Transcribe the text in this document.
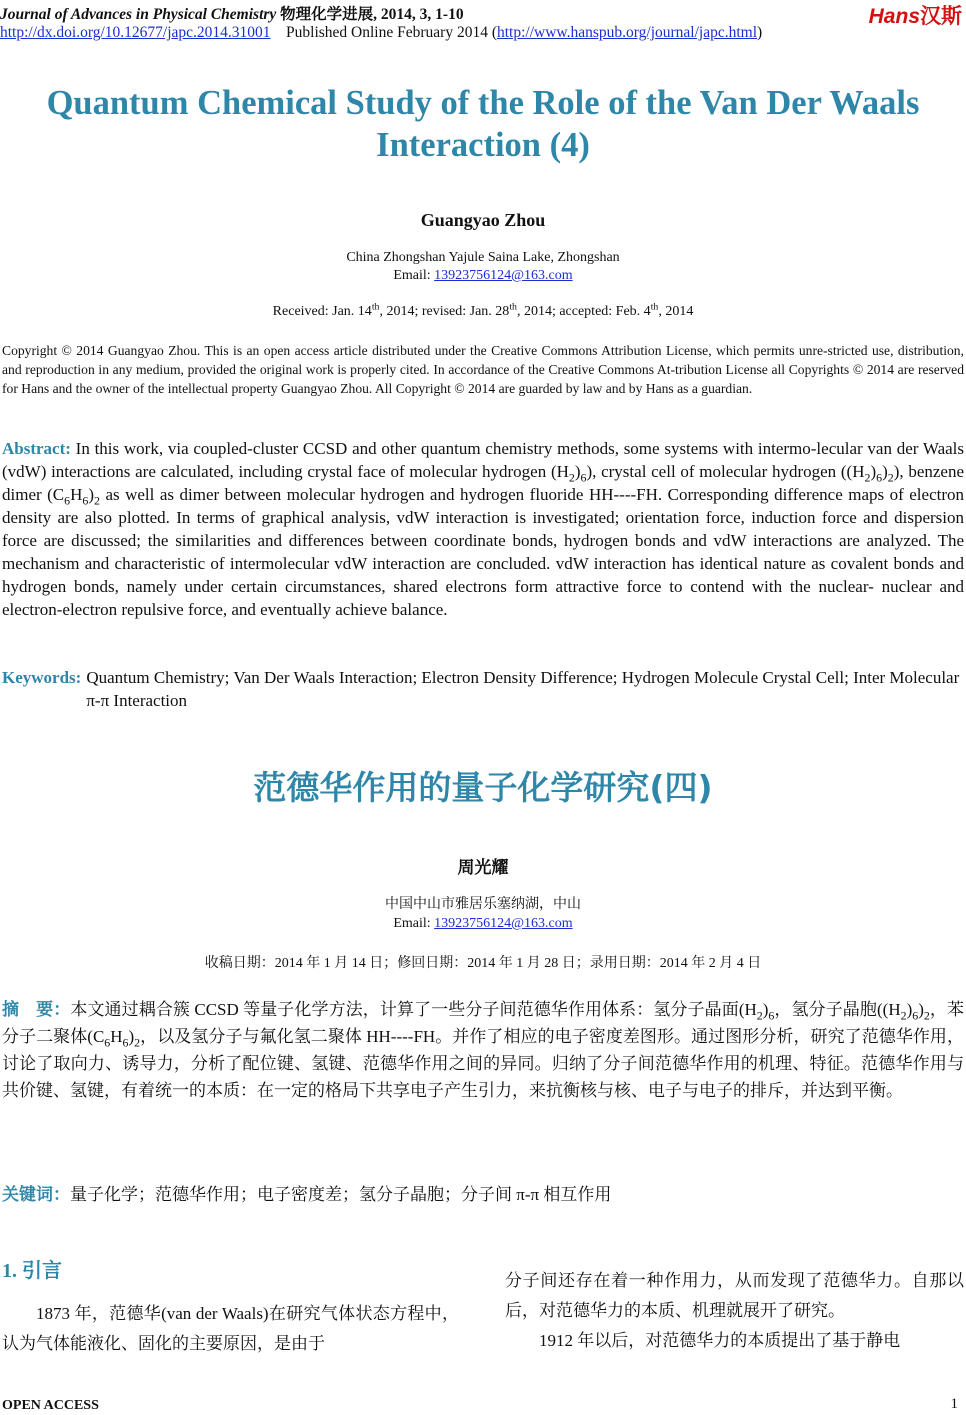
Journal of Advances in Physical Chemistry 物理化学进展, 2014, 3, 1-10
http://dx.doi.org/10.12677/japc.2014.31001 Published Online February 2014 (http://www.hanspub.org/journal/japc.html)
Hans汉斯
Quantum Chemical Study of the Role of the Van Der Waals
Interaction (4)
Guangyao Zhou
China Zhongshan Yajule Saina Lake, Zhongshan
Email: 13923756124@163.com
Received: Jan. 14th, 2014; revised: Jan. 28th, 2014; accepted: Feb. 4th, 2014
Copyright © 2014 Guangyao Zhou. This is an open access article distributed under the Creative Commons Attribution License, which permits unre-stricted use, distribution, and reproduction in any medium, provided the original work is properly cited. In accordance of the Creative Commons At-tribution License all Copyrights © 2014 are reserved for Hans and the owner of the intellectual property Guangyao Zhou. All Copyright © 2014 are guarded by law and by Hans as a guardian.
Abstract: In this work, via coupled-cluster CCSD and other quantum chemistry methods, some systems with intermo-lecular van der Waals (vdW) interactions are calculated, including crystal face of molecular hydrogen $(H_2)_6$), crystal cell of molecular hydrogen $((H_2)_6)_2$), benzene dimer $(C_6H_6)_2$ as well as dimer between molecular hydrogen and hydrogen fluoride HH----FH. Corresponding difference maps of electron density are also plotted. In terms of graphical analysis, vdW interaction is investigated; orientation force, induction force and dispersion force are discussed; the similarities and differences between coordinate bonds, hydrogen bonds and vdW interactions are analyzed. The mechanism and characteristic of intermolecular vdW interaction are concluded. vdW interaction has identical nature as covalent bonds and hydrogen bonds, namely under certain circumstances, shared electrons form attractive force to contend with the nuclear- nuclear and electron-electron repulsive force, and eventually achieve balance.
Keywords: Quantum Chemistry; Van Der Waals Interaction; Electron Density Difference; Hydrogen Molecule Crystal Cell; Inter Molecular π-π Interaction
范德华作用的量子化学研究(四)
周光耀
中国中山市雅居乐塞纳湖，中山
Email: 13923756124@163.com
收稿日期：2014 年 1 月 14 日；修回日期：2014 年 1 月 28 日；录用日期：2014 年 2 月 4 日
摘　要：本文通过耦合簇 CCSD 等量子化学方法，计算了一些分子间范德华作用体系：氢分子晶面$(H_2)_6$，氢分子晶胞$((H_2)_6)_2$，苯分子二聚体$(C_6H_6)_2$，以及氢分子与氟化氢二聚体 HH----FH。并作了相应的电子密度差图形。通过图形分析，研究了范德华作用，讨论了取向力、诱导力，分析了配位键、氢键、范德华作用之间的异同。归纳了分子间范德华作用的机理、特征。范德华作用与共价键、氢键，有着统一的本质：在一定的格局下共享电子产生引力，来抗衡核与核、电子与电子的排斥，并达到平衡。
关键词：量子化学；范德华作用；电子密度差；氢分子晶胞；分子间 π-π 相互作用
1. 引言
1873 年，范德华(van der Waals)在研究气体状态方程中，认为气体能液化、固化的主要原因，是由于
分子间还存在着一种作用力，从而发现了范德华力。自那以后，对范德华力的本质、机理就展开了研究。
1912 年以后，对范德华力的本质提出了基于静电
OPEN ACCESS	1
